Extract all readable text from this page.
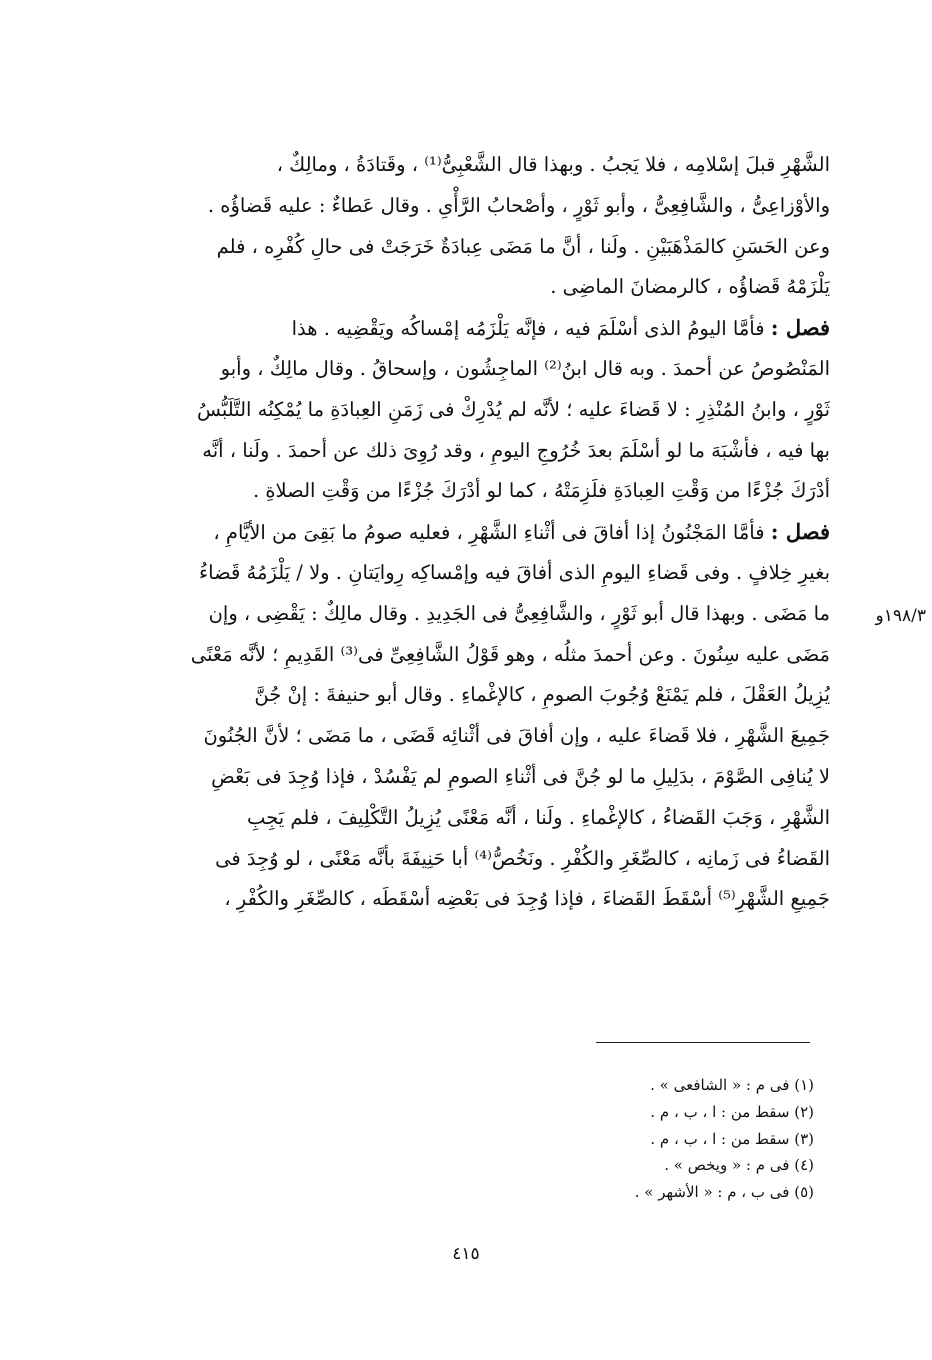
الشَّهْرِ قبلَ إسْلامِه ، فلا يَجبُ . وبهذا قال الشَّعْبِىُّ⁽¹⁾ ، وقَتادَةُ ، ومالِكٌ ،
والأوْزاعِىُّ ، والشَّافِعِىُّ ، وأبو ثَوْرٍ ، وأصْحابُ الرَّأْىِ . وقال عَطاءٌ : عليه قَضاؤُه .
وعن الحَسَنِ كالمَذْهَبَيْنِ . ولَنا ، أنَّ ما مَضَى عِبادَةٌ خَرَجَتْ فى حالِ كُفْرِه ، فلم
يَلْزَمْهُ قَضاؤُه ، كالرمضانَ الماضِى .

فصل : فأمَّا اليومُ الذى أسْلَمَ فيه ، فإنَّه يَلْزَمُه إمْساكُه ويَقْضِيه . هذا
المَنْصُوصُ عن أحمدَ . وبه قال ابنُ⁽²⁾ الماجِشُون ، وإسحاقُ . وقال مالِكٌ ، وأبو
ثَوْرٍ ، وابنُ المُنْذِرِ : لا قَضاءَ عليه ؛ لأنَّه لم يُدْرِكْ فى زَمَنِ العِبادَةِ ما يُمْكِنُه التَّلَبُّسُ
بها فيه ، فأشْبَهَ ما لو أسْلَمَ بعدَ خُرُوجِ اليومِ ، وقد رُوِىَ ذلك عن أحمدَ . ولَنا ، أنَّه
أدْرَكَ جُزْءًا من وَقْتِ العِبادَةِ فلَزِمَتْهُ ، كما لو أدْرَكَ جُزْءًا من وَقْتِ الصلاةِ .

فصل : فأمَّا المَجْنُونُ إذا أفاقَ فى أثْناءِ الشَّهْرِ ، فعليه صومُ ما بَقِىَ من الأيَّامِ ،
بغيرِ خِلافٍ . وفى قَضاءِ اليومِ الذى أفاقَ فيه وإمْساكِه رِوايَتانِ . ولا / يَلْزَمُهُ قَضاءُ
ما مَضَى . وبهذا قال أبو ثَوْرٍ ، والشَّافِعِىُّ فى الجَدِيدِ . وقال مالِكٌ : يَقْضِى ، وإن
مَضَى عليه سِنُونَ . وعن أحمدَ مثلُه ، وهو قَوْلُ الشَّافِعِىِّ فى⁽³⁾ القَدِيمِ ؛ لأنَّه مَعْنًى
يُزِيلُ العَقْلَ ، فلم يَمْنَعْ وُجُوبَ الصومِ ، كالإغْماءِ . وقال أبو حنيفةَ : إنْ جُنَّ
جَمِيعَ الشَّهْرِ ، فلا قَضاءَ عليه ، وإن أفاقَ فى أثْنائِه قَضَى ، ما مَضَى ؛ لأنَّ الجُنُونَ
لا يُنافِى الصَّوْمَ ، بدَلِيلِ ما لو جُنَّ فى أثْناءِ الصومِ لم يَفْسُدْ ، فإذا وُجِدَ فى بَعْضِ
الشَّهْرِ ، وَجَبَ القَضاءُ ، كالإغْماءِ . ولَنا ، أنَّه مَعْنًى يُزِيلُ التَّكْلِيفَ ، فلم يَجِبِ
القَضاءُ فى زَمانِه ، كالصِّغَرِ والكُفْرِ . ونَخُصُّ⁽⁴⁾ أبا حَنِيفَةَ بأنَّه مَعْنًى ، لو وُجِدَ فى
جَمِيعِ الشَّهْرِ⁽⁵⁾ أسْقَطَ القَضاءَ ، فإذا وُجِدَ فى بَعْضِه أسْقَطَه ، كالصِّغَرِ والكُفْرِ ،

١٩٨/٣و
(١) فى م : « الشافعى » .
(٢) سقط من : ا ، ب ، م .
(٣) سقط من : ا ، ب ، م .
(٤) فى م : « ويخص » .
(٥) فى ب ، م : « الأشهر » .
٤١٥
